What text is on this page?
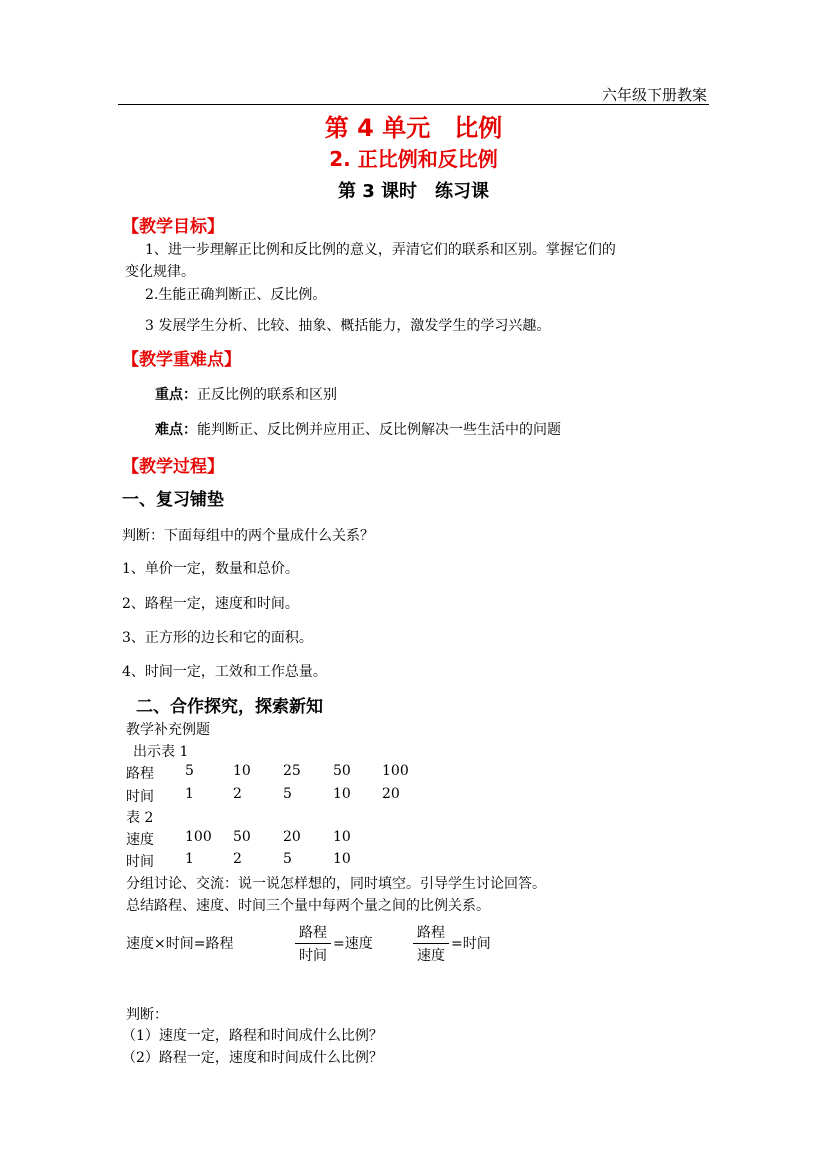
六年级下册教案
第 4 单元　比例
2. 正比例和反比例
第 3 课时　练习课
【教学目标】
1、进一步理解正比例和反比例的意义，弄清它们的联系和区别。掌握它们的
变化规律。
2.生能正确判断正、反比例。
3 发展学生分析、比较、抽象、概括能力，激发学生的学习兴趣。
【教学重难点】
重点：正反比例的联系和区别
难点：能判断正、反比例并应用正、反比例解决一些生活中的问题
【教学过程】
一、复习铺垫
判断：下面每组中的两个量成什么关系？
1、单价一定，数量和总价。
2、路程一定，速度和时间。
3、正方形的边长和它的面积。
4、时间一定，工效和工作总量。
二、合作探究，探索新知
教学补充例题
出示表 1
路程 5	10 25 50 100
时间 1	2	5	10 20
表 2
速度 100 50 20 10
时间 1	2	5	10
分组讨论、交流：说一说怎样想的，同时填空。引导学生讨论回答。
总结路程、速度、时间三个量中每两个量之间的比例关系。
速度×时间=路程
路程
时间
=速度
路程
速度
=时间
判断：
（1）速度一定，路程和时间成什么比例？
（2）路程一定，速度和时间成什么比例？
